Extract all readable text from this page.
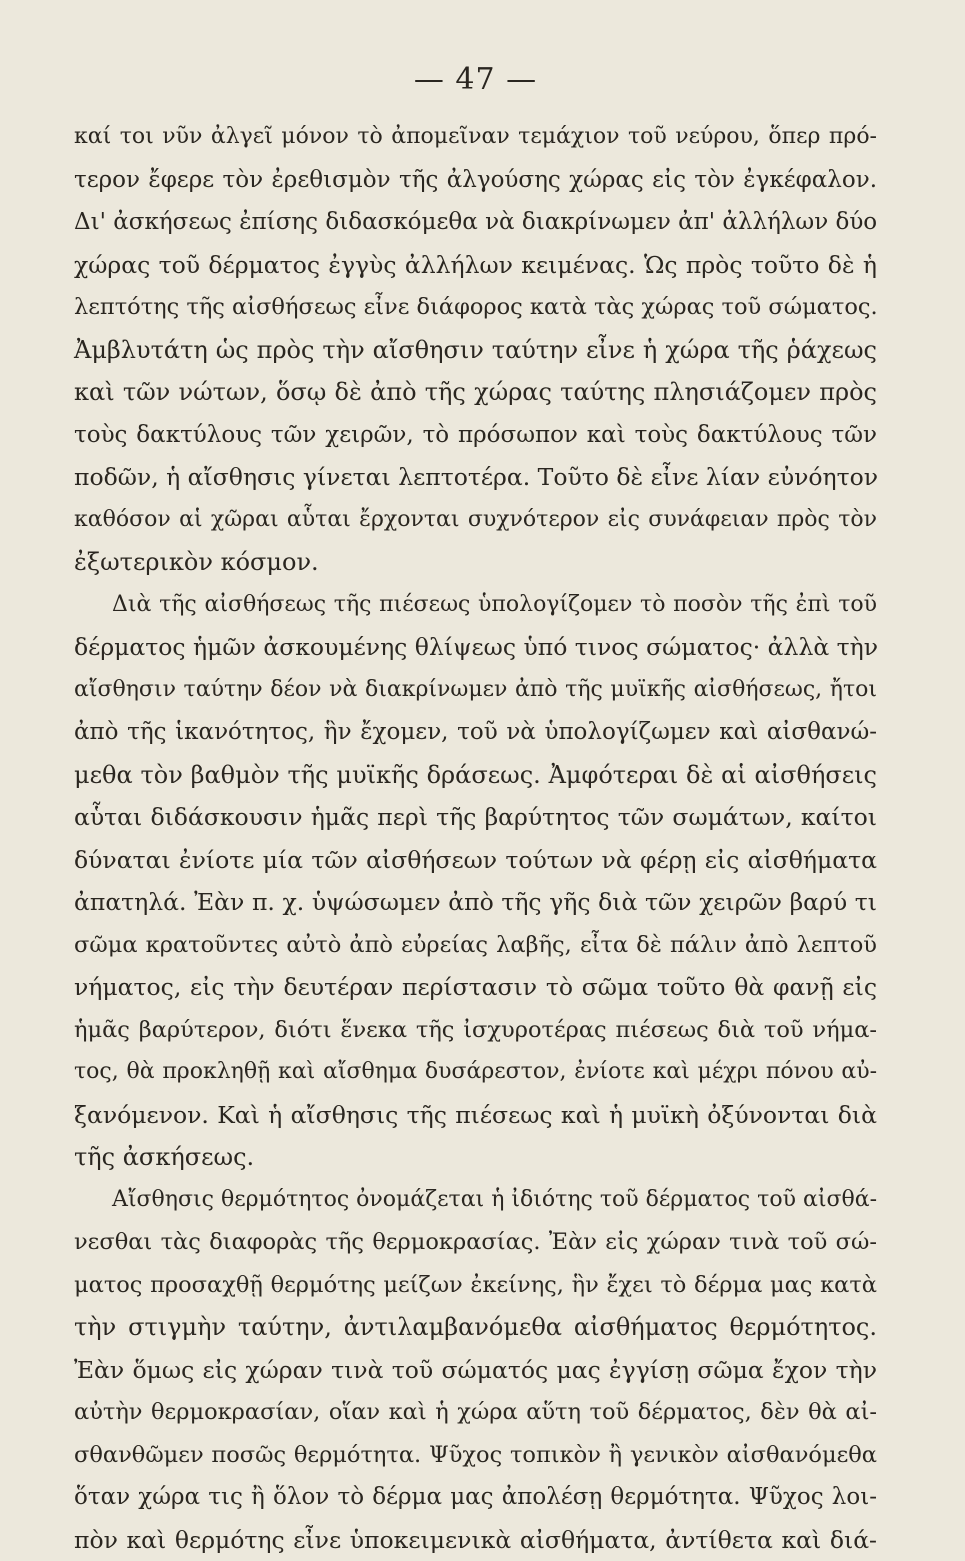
— 47 —
καί τοι νῦν ἀλγεῖ μόνον τὸ ἀπομεῖναν τεμάχιον τοῦ νεύρου, ὅπερ πρό-
τερον ἔφερε τὸν ἐρεθισμὸν τῆς ἀλγούσης χώρας εἰς τὸν ἐγκέφαλον.
Δι' ἀσκήσεως ἐπίσης διδασκόμεθα νὰ διακρίνωμεν ἀπ' ἀλλήλων δύο
χώρας τοῦ δέρματος ἐγγὺς ἀλλήλων κειμένας. Ὡς πρὸς τοῦτο δὲ ἡ
λεπτότης τῆς αἰσθήσεως εἶνε διάφορος κατὰ τὰς χώρας τοῦ σώματος.
Ἀμβλυτάτη ὡς πρὸς τὴν αἴσθησιν ταύτην εἶνε ἡ χώρα τῆς ῥάχεως
καὶ τῶν νώτων, ὅσῳ δὲ ἀπὸ τῆς χώρας ταύτης πλησιάζομεν πρὸς
τοὺς δακτύλους τῶν χειρῶν, τὸ πρόσωπον καὶ τοὺς δακτύλους τῶν
ποδῶν, ἡ αἴσθησις γίνεται λεπτοτέρα. Τοῦτο δὲ εἶνε λίαν εὐνόητον
καθόσον αἱ χῶραι αὗται ἔρχονται συχνότερον εἰς συνάφειαν πρὸς τὸν
ἐξωτερικὸν κόσμον.
Διὰ τῆς αἰσθήσεως τῆς πιέσεως ὑπολογίζομεν τὸ ποσὸν τῆς ἐπὶ τοῦ
δέρματος ἡμῶν ἀσκουμένης θλίψεως ὑπό τινος σώματος· ἀλλὰ τὴν
αἴσθησιν ταύτην δέον νὰ διακρίνωμεν ἀπὸ τῆς μυϊκῆς αἰσθήσεως, ἤτοι
ἀπὸ τῆς ἱκανότητος, ἣν ἔχομεν, τοῦ νὰ ὑπολογίζωμεν καὶ αἰσθανώ-
μεθα τὸν βαθμὸν τῆς μυϊκῆς δράσεως. Ἀμφότεραι δὲ αἱ αἰσθήσεις
αὗται διδάσκουσιν ἡμᾶς περὶ τῆς βαρύτητος τῶν σωμάτων, καίτοι
δύναται ἐνίοτε μία τῶν αἰσθήσεων τούτων νὰ φέρῃ εἰς αἰσθήματα
ἀπατηλά. Ἐὰν π. χ. ὑψώσωμεν ἀπὸ τῆς γῆς διὰ τῶν χειρῶν βαρύ τι
σῶμα κρατοῦντες αὐτὸ ἀπὸ εὐρείας λαβῆς, εἶτα δὲ πάλιν ἀπὸ λεπτοῦ
νήματος, εἰς τὴν δευτέραν περίστασιν τὸ σῶμα τοῦτο θὰ φανῇ εἰς
ἡμᾶς βαρύτερον, διότι ἕνεκα τῆς ἰσχυροτέρας πιέσεως διὰ τοῦ νήμα-
τος, θὰ προκληθῇ καὶ αἴσθημα δυσάρεστον, ἐνίοτε καὶ μέχρι πόνου αὐ-
ξανόμενον. Καὶ ἡ αἴσθησις τῆς πιέσεως καὶ ἡ μυϊκὴ ὀξύνονται διὰ
τῆς ἀσκήσεως.
Αἴσθησις θερμότητος ὀνομάζεται ἡ ἰδιότης τοῦ δέρματος τοῦ αἰσθά-
νεσθαι τὰς διαφορὰς τῆς θερμοκρασίας. Ἐὰν εἰς χώραν τινὰ τοῦ σώ-
ματος προσαχθῇ θερμότης μείζων ἐκείνης, ἣν ἔχει τὸ δέρμα μας κατὰ
τὴν στιγμὴν ταύτην, ἀντιλαμβανόμεθα αἰσθήματος θερμότητος.
Ἐὰν ὅμως εἰς χώραν τινὰ τοῦ σώματός μας ἐγγίσῃ σῶμα ἔχον τὴν
αὐτὴν θερμοκρασίαν, οἵαν καὶ ἡ χώρα αὕτη τοῦ δέρματος, δὲν θὰ αἰ-
σθανθῶμεν ποσῶς θερμότητα. Ψῦχος τοπικὸν ἢ γενικὸν αἰσθανόμεθα
ὅταν χώρα τις ἢ ὅλον τὸ δέρμα μας ἀπολέσῃ θερμότητα. Ψῦχος λοι-
πὸν καὶ θερμότης εἶνε ὑποκειμενικὰ αἰσθήματα, ἀντίθετα καὶ διά-
